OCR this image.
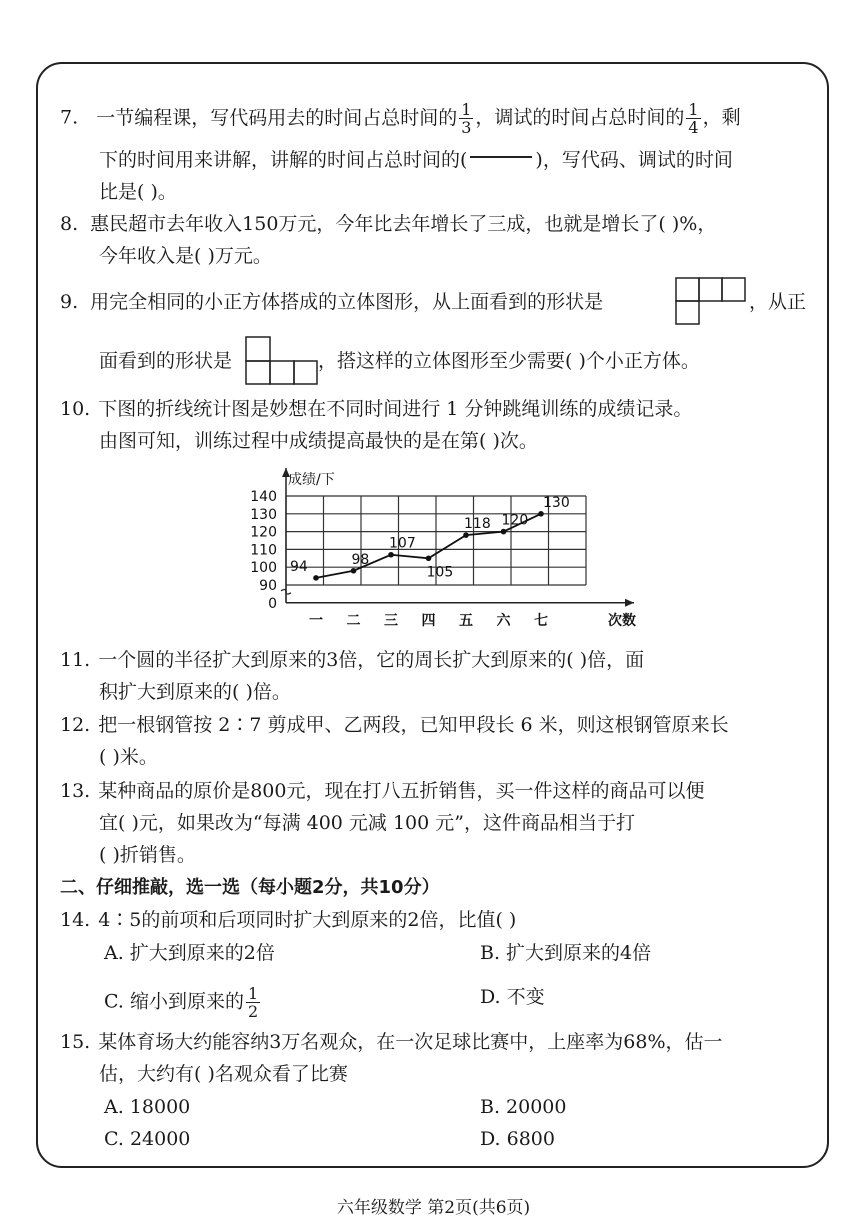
7. 一节编程课，写代码用去的时间占总时间的 $\frac{1}{3}$ ，调试的时间占总时间的 $\frac{1}{4}$ ，剩
下的时间用来讲解，讲解的时间占总时间的(	)，写代码、调试的时间
比是( )。
8. 惠民超市去年收入150万元，今年比去年增长了三成，也就是增长了( )%，
今年收入是( )万元。
9. 用完全相同的小正方体搭成的立体图形，从上面看到的形状是	，从正
面看到的形状是	，搭这样的立体图形至少需要( )个小正方体。
10. 下图的折线统计图是妙想在不同时间进行 1 分钟跳绳训练的成绩记录。
由图可知，训练过程中成绩提高最快的是在第( )次。
0
90
100
110
120
130
140
成绩/下
94
一
98
二
107
三
105
四
118
五
120
六
130
七	次数
11. 一个圆的半径扩大到原来的3倍，它的周长扩大到原来的( )倍，面
积扩大到原来的( )倍。
12. 把一根钢管按 2∶7 剪成甲、乙两段，已知甲段长 6 米，则这根钢管原来长
( )米。
13. 某种商品的原价是800元，现在打八五折销售，买一件这样的商品可以便
宜( )元，如果改为“每满 400 元减 100 元”，这件商品相当于打
( )折销售。
二、仔细推敲，选一选（每小题2分，共10分）
14. 4∶5的前项和后项同时扩大到原来的2倍，比值( )
A. 扩大到原来的2倍	B. 扩大到原来的4倍
C. 缩小到原来的 $\frac{1}{2}$	D. 不变
15. 某体育场大约能容纳3万名观众，在一次足球比赛中，上座率为68%，估一
估，大约有( )名观众看了比赛
A. 18000	B. 20000
C. 24000	D. 6800
六年级数学 第2页(共6页)
